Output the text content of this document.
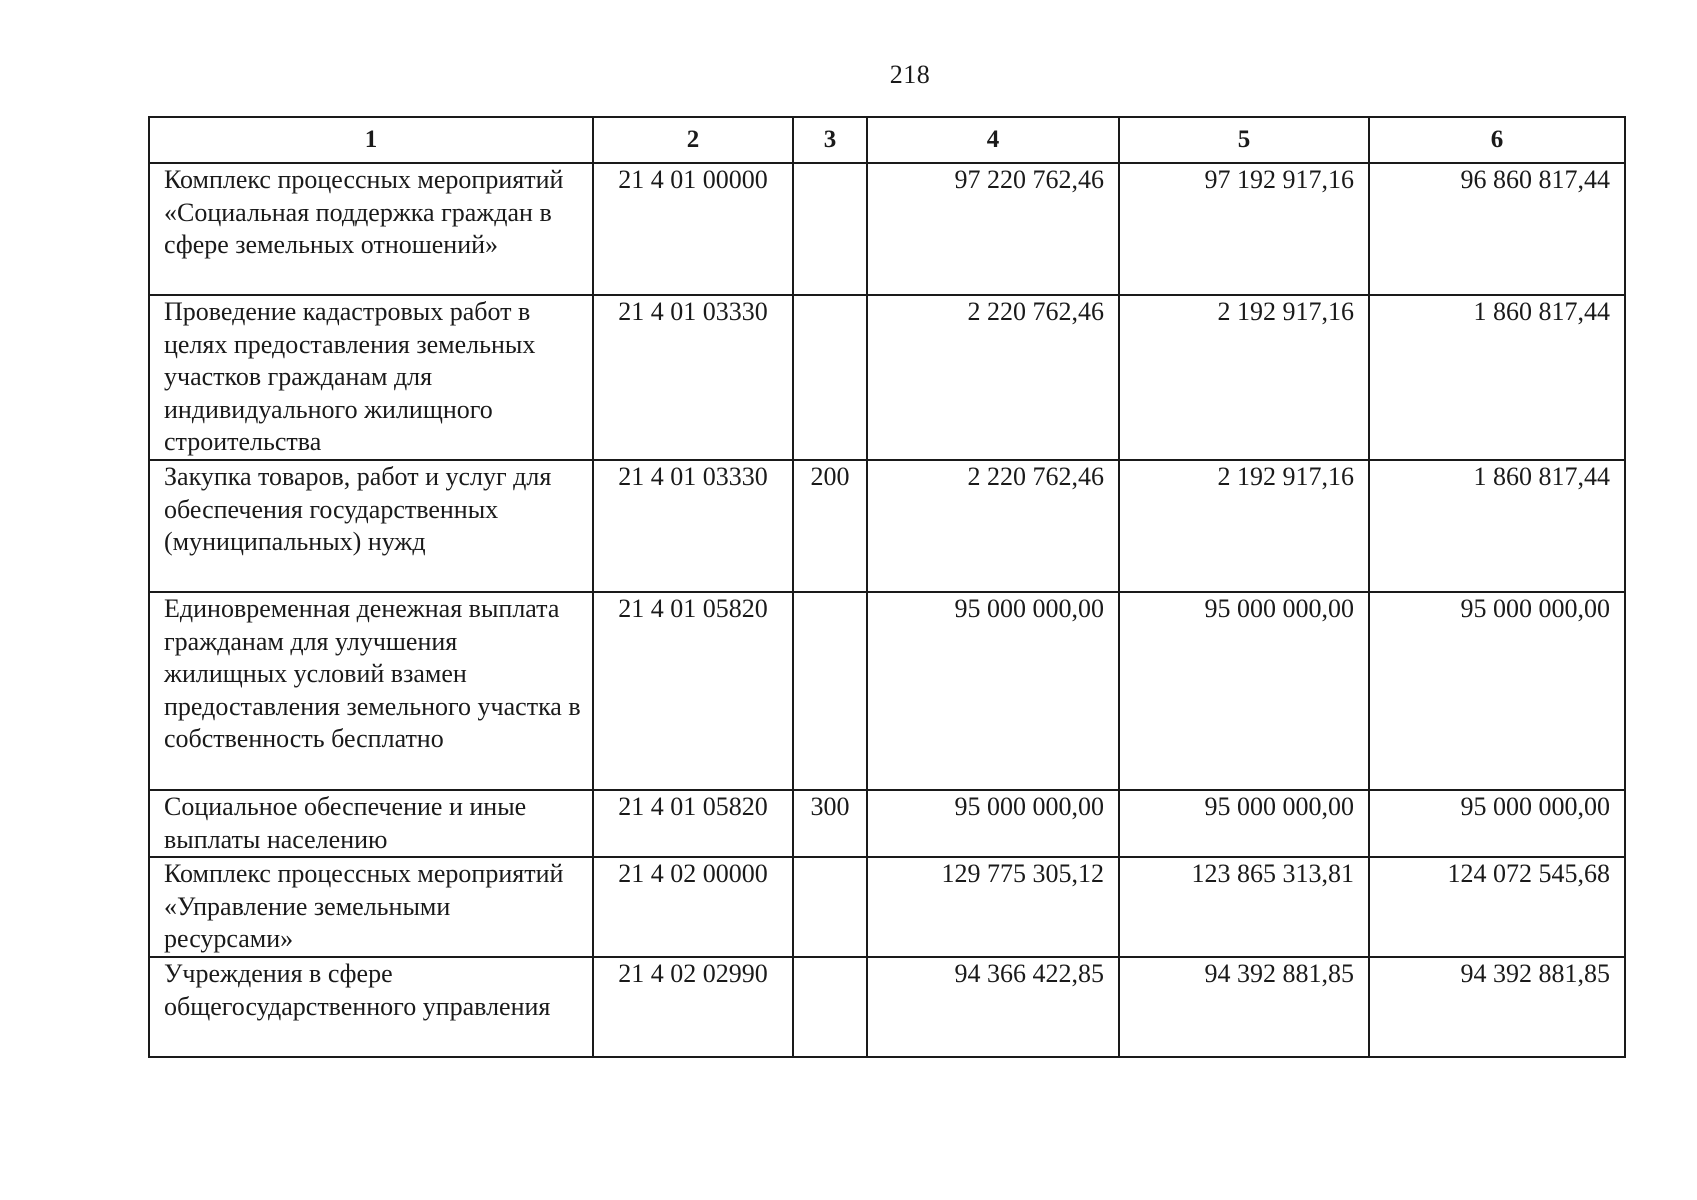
218
1	2	3	4	5	6
Комплекс процессных мероприятий «Социальная поддержка граждан в сфере земельных отношений»	21 4 01 00000		97 220 762,46	97 192 917,16	96 860 817,44
Проведение кадастровых работ в целях предоставления земельных участков гражданам для индивидуального жилищного строительства	21 4 01 03330		2 220 762,46	2 192 917,16	1 860 817,44
Закупка товаров, работ и услуг для обеспечения государственных (муниципальных) нужд	21 4 01 03330	200	2 220 762,46	2 192 917,16	1 860 817,44
Единовременная денежная выплата гражданам для улучшения жилищных условий взамен предоставления земельного участка в собственность бесплатно	21 4 01 05820		95 000 000,00	95 000 000,00	95 000 000,00
Социальное обеспечение и иные выплаты населению	21 4 01 05820	300	95 000 000,00	95 000 000,00	95 000 000,00
Комплекс процессных мероприятий «Управление земельными ресурсами»	21 4 02 00000		129 775 305,12	123 865 313,81	124 072 545,68
Учреждения в сфере общегосударственного управления	21 4 02 02990		94 366 422,85	94 392 881,85	94 392 881,85
